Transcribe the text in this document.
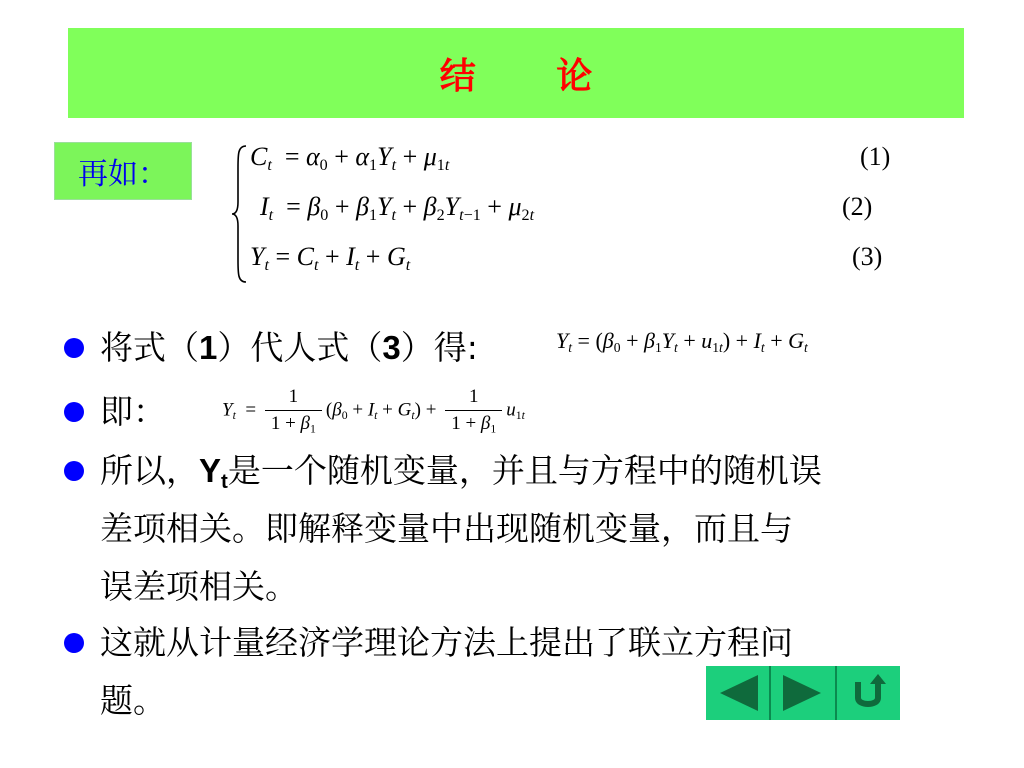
结 论
再如：
$C_t = \alpha_0 + \alpha_1Y_t + \mu_{1t}$	(1)
$I_t = \beta_0 + \beta_1Y_t + \beta_2Y_{t-1} + \mu_{2t}$	(2)
$Y_t = C_t + I_t + G_t$	(3)
将式（1）代人式（3）得:	$Y_t = (\beta_0 + \beta_1Y_t + u_{1t}) + I_t + G_t$
即：	$Y_t = \frac{1}{1 + \beta_1} (\beta_0 + I_t + G_t) + \frac{1}{1 + \beta_1} u_{1t}$
所以，$Y_t$是一个随机变量，并且与方程中的随机误
差项相关。即解释变量中出现随机变量，而且与
误差项相关。
这就从计量经济学理论方法上提出了联立方程问
题。
